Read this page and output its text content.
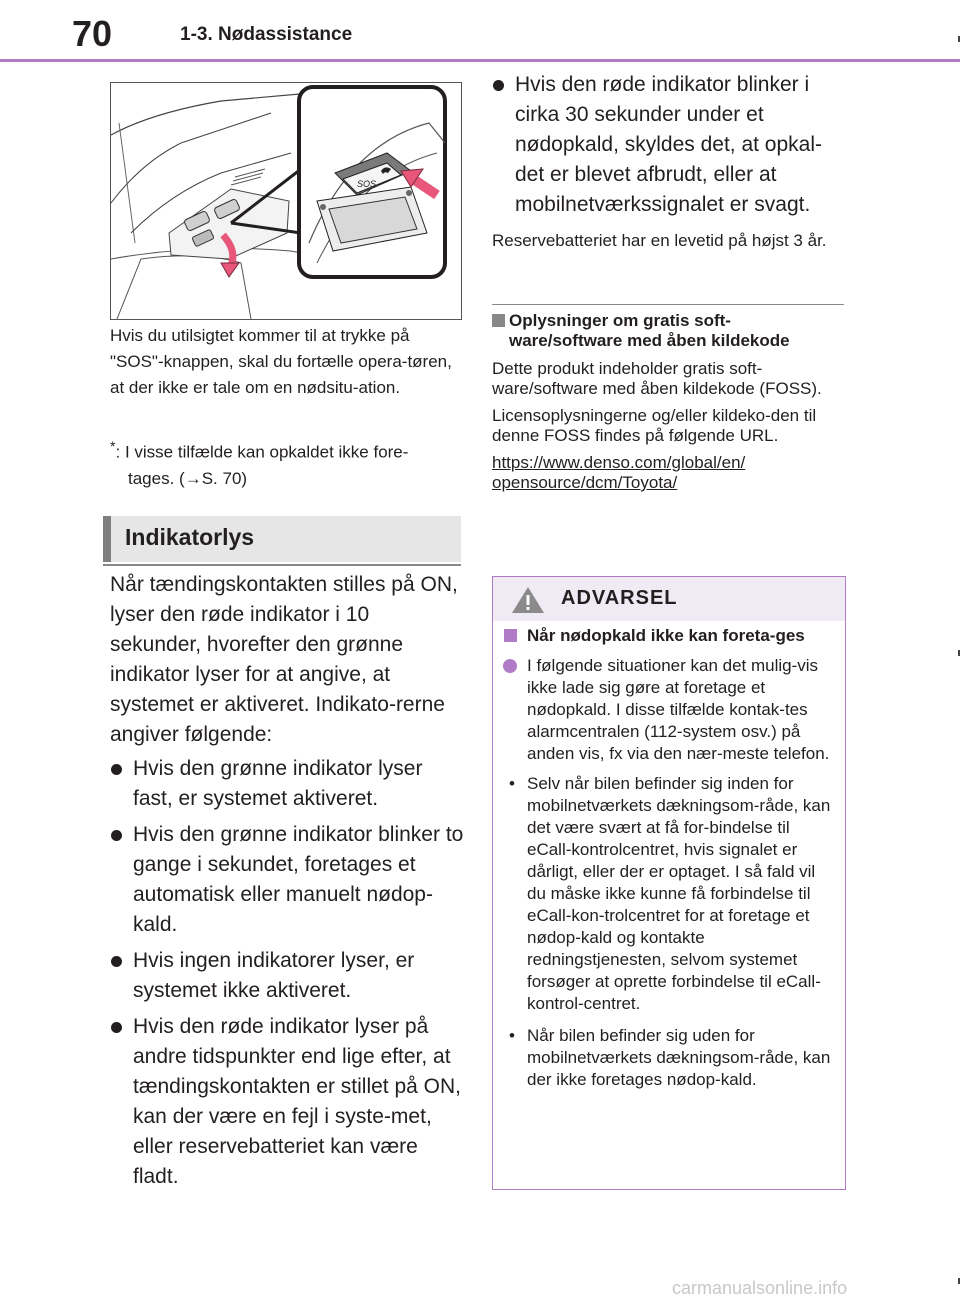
70	1-3. Nødassistance
SOS
Hvis du utilsigtet kommer til at trykke på "SOS"-knappen, skal du fortælle opera-tøren, at der ikke er tale om en nødsitu-ation.
*: I visse tilfælde kan opkaldet ikke fore-
tages. (→S. 70)
Indikatorlys

Når tændingskontakten stilles på ON, lyser den røde indikator i 10 sekunder, hvorefter den grønne indikator lyser for at angive, at systemet er aktiveret. Indikato-rerne angiver følgende:

Hvis den grønne indikator lyser fast, er systemet aktiveret.
Hvis den grønne indikator blinker to gange i sekundet, foretages et automatisk eller manuelt nødop-kald.
Hvis ingen indikatorer lyser, er systemet ikke aktiveret.
Hvis den røde indikator lyser på andre tidspunkter end lige efter, at tændingskontakten er stillet på ON, kan der være en fejl i syste-met, eller reservebatteriet kan være fladt.
Hvis den røde indikator blinker i cirka 30 sekunder under et nødopkald, skyldes det, at opkal-det er blevet afbrudt, eller at mobilnetværkssignalet er svagt.
Reservebatteriet har en levetid på højst 3 år.
Oplysninger om gratis soft-
ware/software med åben kildekode

Dette produkt indeholder gratis soft-ware/software med åben kildekode (FOSS).

Licensoplysningerne og/eller kildeko-den til denne FOSS findes på følgende URL.

https://www.denso.com/global/en/
opensource/dcm/Toyota/

ADVARSEL
Når nødopkald ikke kan foreta-ges
I følgende situationer kan det mulig-vis ikke lade sig gøre at foretage et nødopkald. I disse tilfælde kontak-tes alarmcentralen (112-system osv.) på anden vis, fx via den nær-meste telefon.
• Selv når bilen befinder sig inden for mobilnetværkets dækningsom-råde, kan det være svært at få for-bindelse til eCall-kontrolcentret, hvis signalet er dårligt, eller der er optaget. I så fald vil du måske ikke kunne få forbindelse til eCall-kon-trolcentret for at foretage et nødop-kald og kontakte redningstjenesten, selvom systemet forsøger at oprette forbindelse til eCall-kontrol-centret.
• Når bilen befinder sig uden for mobilnetværkets dækningsom-råde, kan der ikke foretages nødop-kald.
carmanualsonline.info
